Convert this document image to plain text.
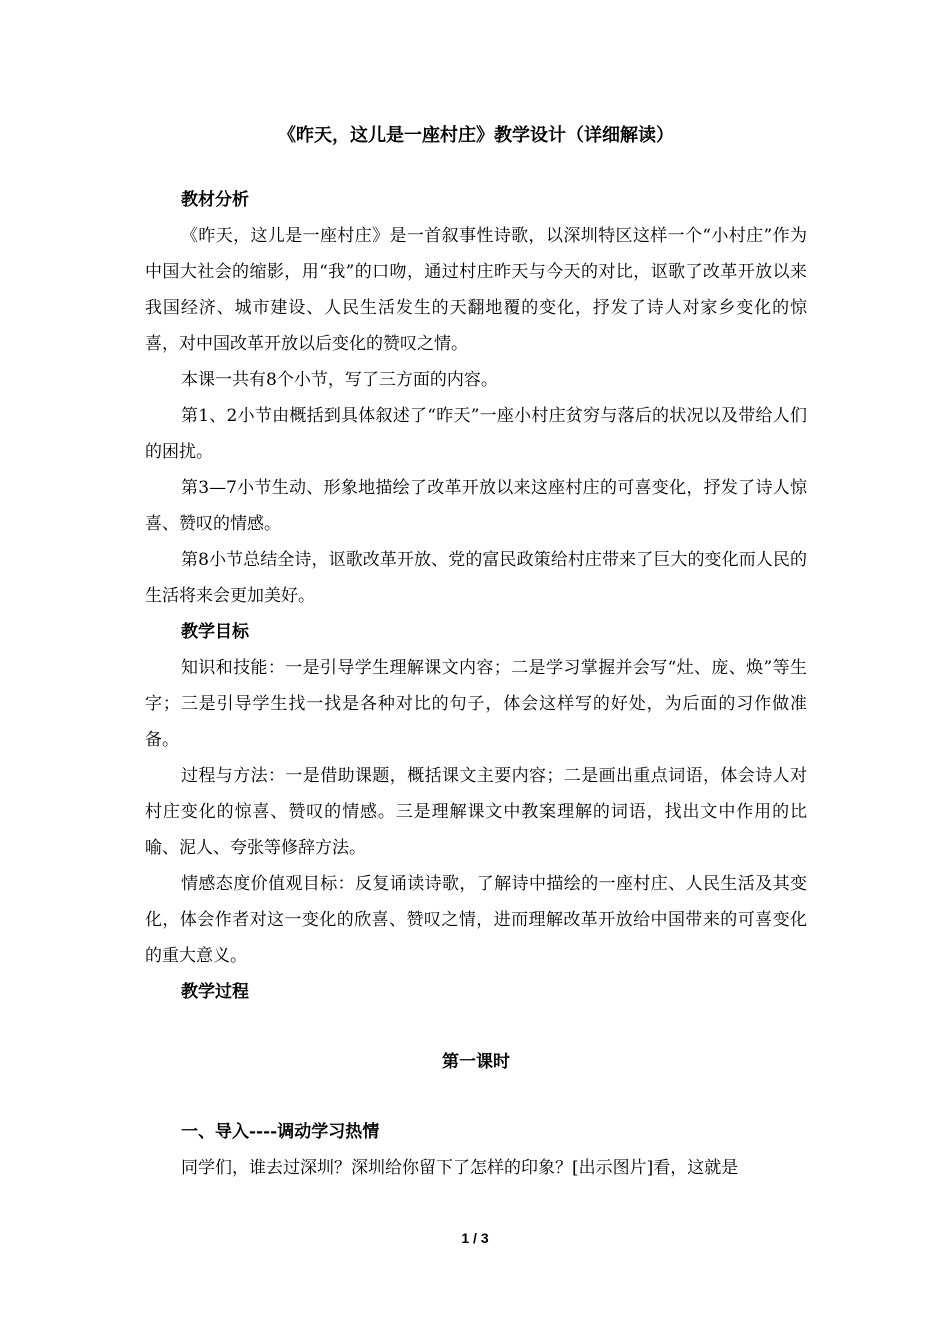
《昨天，这儿是一座村庄》教学设计（详细解读）
教材分析

《昨天，这儿是一座村庄》是一首叙事性诗歌，以深圳特区这样一个“小村庄”作为中国大社会的缩影，用“我”的口吻，通过村庄昨天与今天的对比，讴歌了改革开放以来我国经济、城市建设、人民生活发生的天翻地覆的变化，抒发了诗人对家乡变化的惊喜，对中国改革开放以后变化的赞叹之情。

本课一共有8个小节，写了三方面的内容。

第1、2小节由概括到具体叙述了“昨天”一座小村庄贫穷与落后的状况以及带给人们的困扰。

第3—7小节生动、形象地描绘了改革开放以来这座村庄的可喜变化，抒发了诗人惊喜、赞叹的情感。

第8小节总结全诗，讴歌改革开放、党的富民政策给村庄带来了巨大的变化而人民的生活将来会更加美好。

教学目标

知识和技能：一是引导学生理解课文内容；二是学习掌握并会写“灶、庞、焕”等生字；三是引导学生找一找是各种对比的句子，体会这样写的好处，为后面的习作做准备。

过程与方法：一是借助课题，概括课文主要内容；二是画出重点词语，体会诗人对村庄变化的惊喜、赞叹的情感。三是理解课文中教案理解的词语，找出文中作用的比喻、泥人、夸张等修辞方法。

情感态度价值观目标：反复诵读诗歌，了解诗中描绘的一座村庄、人民生活及其变化，体会作者对这一变化的欣喜、赞叹之情，进而理解改革开放给中国带来的可喜变化的重大意义。

教学过程
第一课时
一、导入----调动学习热情

同学们，谁去过深圳？深圳给你留下了怎样的印象？[出示图片]看，这就是

1 / 3
